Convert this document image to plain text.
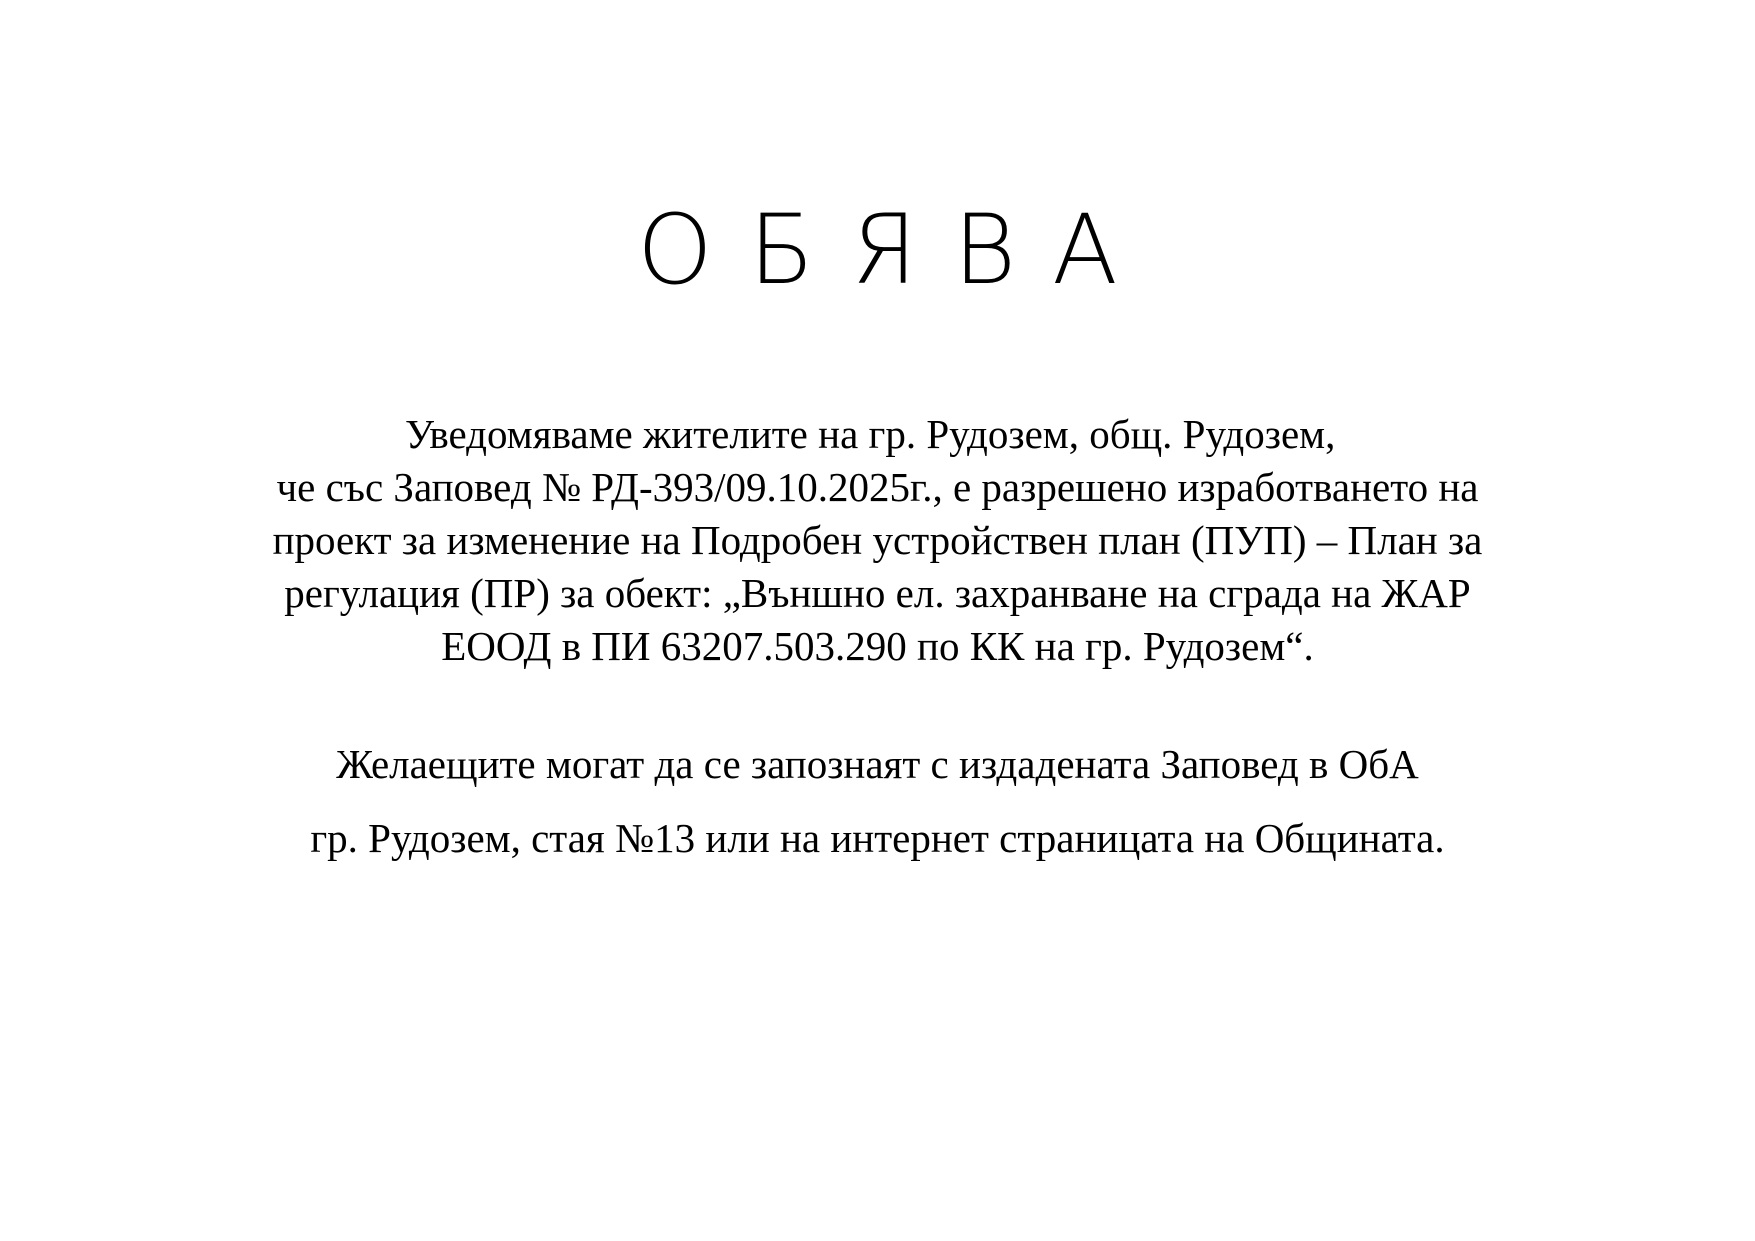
О Б Я В А

Уведомяваме жителите на гр. Рудозем, общ. Рудозем,
че със Заповед № РД-393/09.10.2025г., е разрешено изработването на
проект за изменение на Подробен устройствен план (ПУП) – План за
регулация (ПР) за обект: „Външно ел. захранване на сграда на ЖАР
ЕООД в ПИ 63207.503.290 по КК на гр. Рудозем“.

Желаещите могат да се запознаят с издадената Заповед в ОбА
гр. Рудозем, стая №13 или на интернет страницата на Общината.
